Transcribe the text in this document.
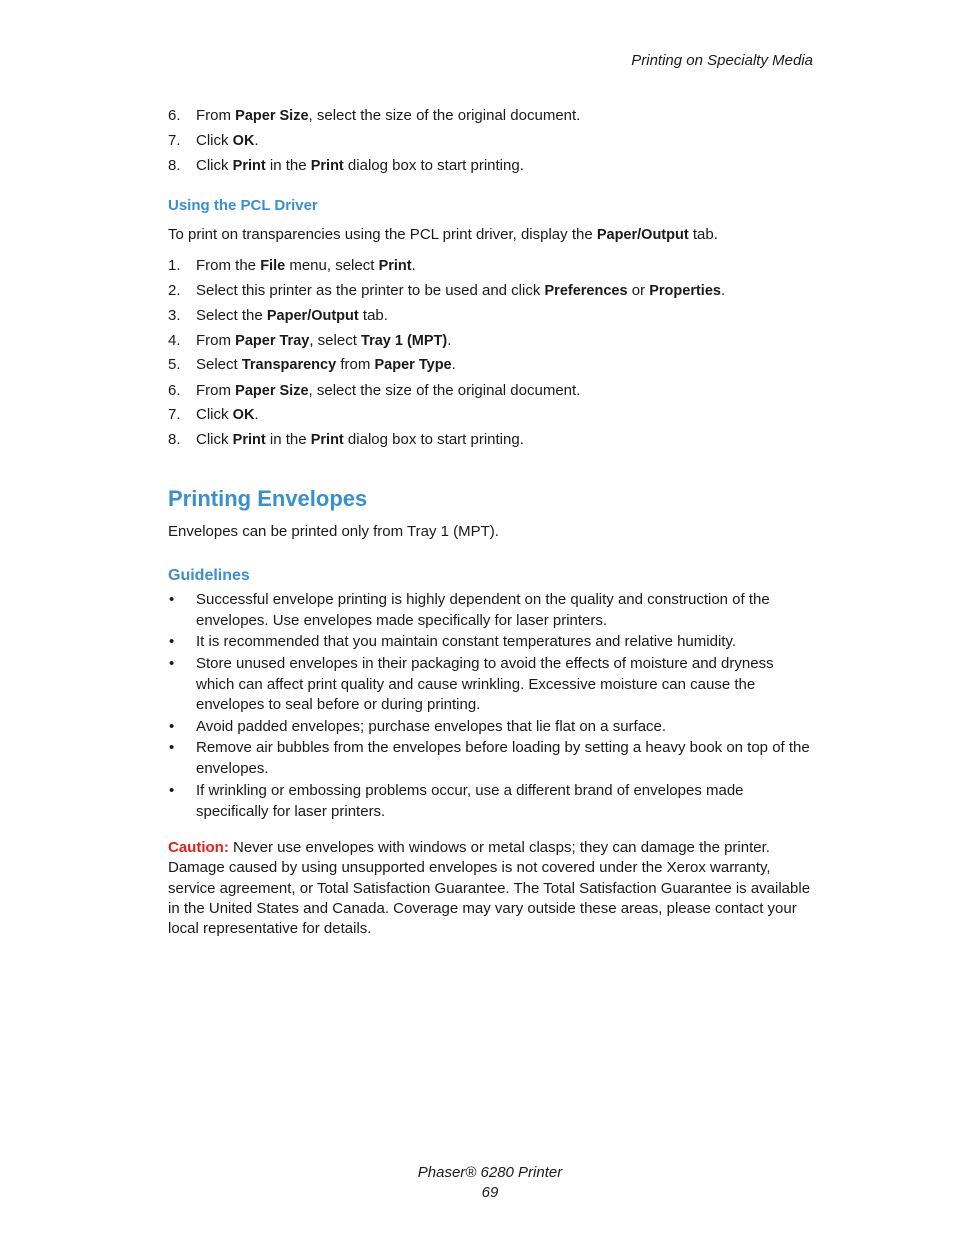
Printing on Specialty Media
6.	From Paper Size, select the size of the original document.
7.	Click OK.
8.	Click Print in the Print dialog box to start printing.
Using the PCL Driver
To print on transparencies using the PCL print driver, display the Paper/Output tab.
1.	From the File menu, select Print.
2.	Select this printer as the printer to be used and click Preferences or Properties.
3.	Select the Paper/Output tab.
4.	From Paper Tray, select Tray 1 (MPT).
5.	Select Transparency from Paper Type.
6.	From Paper Size, select the size of the original document.
7.	Click OK.
8.	Click Print in the Print dialog box to start printing.
Printing Envelopes
Envelopes can be printed only from Tray 1 (MPT).
Guidelines
• Successful envelope printing is highly dependent on the quality and construction of the envelopes. Use envelopes made specifically for laser printers.
• It is recommended that you maintain constant temperatures and relative humidity.
• Store unused envelopes in their packaging to avoid the effects of moisture and dryness which can affect print quality and cause wrinkling. Excessive moisture can cause the envelopes to seal before or during printing.
• Avoid padded envelopes; purchase envelopes that lie flat on a surface.
• Remove air bubbles from the envelopes before loading by setting a heavy book on top of the envelopes.
• If wrinkling or embossing problems occur, use a different brand of envelopes made specifically for laser printers.
Caution: Never use envelopes with windows or metal clasps; they can damage the printer. Damage caused by using unsupported envelopes is not covered under the Xerox warranty, service agreement, or Total Satisfaction Guarantee. The Total Satisfaction Guarantee is available in the United States and Canada. Coverage may vary outside these areas, please contact your local representative for details.
Phaser® 6280 Printer
69
